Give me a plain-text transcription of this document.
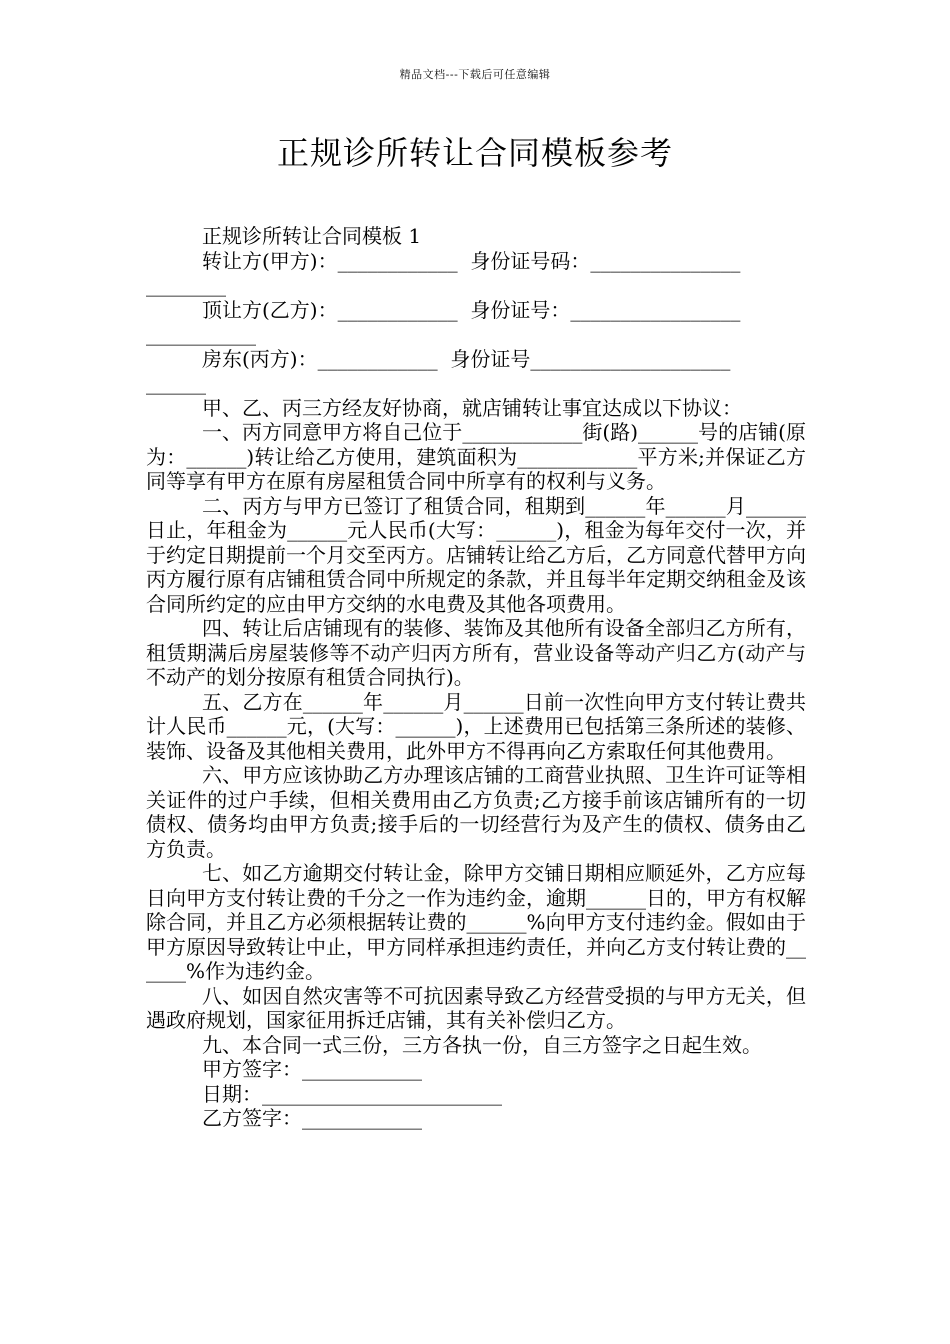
精品文档---下载后可任意编辑
正规诊所转让合同模板参考
正规诊所转让合同模板 1
转让方(甲方)：____________  身份证号码：_______________
________
顶让方(乙方)：____________  身份证号：_________________
___________
房东(丙方)：____________  身份证号____________________
______
甲、乙、丙三方经友好协商，就店铺转让事宜达成以下协议：
一、丙方同意甲方将自己位于____________街(路)______号的店铺(原为：______)转让给乙方使用，建筑面积为____________平方米;并保证乙方同等享有甲方在原有房屋租赁合同中所享有的权利与义务。
二、丙方与甲方已签订了租赁合同，租期到______年______月______日止，年租金为______元人民币(大写：______)，租金为每年交付一次，并于约定日期提前一个月交至丙方。店铺转让给乙方后，乙方同意代替甲方向丙方履行原有店铺租赁合同中所规定的条款，并且每半年定期交纳租金及该合同所约定的应由甲方交纳的水电费及其他各项费用。
四、转让后店铺现有的装修、装饰及其他所有设备全部归乙方所有，租赁期满后房屋装修等不动产归丙方所有，营业设备等动产归乙方(动产与不动产的划分按原有租赁合同执行)。
五、乙方在______年______月______日前一次性向甲方支付转让费共计人民币______元，(大写：______)，上述费用已包括第三条所述的装修、装饰、设备及其他相关费用，此外甲方不得再向乙方索取任何其他费用。
六、甲方应该协助乙方办理该店铺的工商营业执照、卫生许可证等相关证件的过户手续，但相关费用由乙方负责;乙方接手前该店铺所有的一切债权、债务均由甲方负责;接手后的一切经营行为及产生的债权、债务由乙方负责。
七、如乙方逾期交付转让金，除甲方交铺日期相应顺延外，乙方应每日向甲方支付转让费的千分之一作为违约金，逾期______日的，甲方有权解除合同，并且乙方必须根据转让费的______%向甲方支付违约金。假如由于甲方原因导致转让中止，甲方同样承担违约责任，并向乙方支付转让费的______%作为违约金。
八、如因自然灾害等不可抗因素导致乙方经营受损的与甲方无关，但遇政府规划，国家征用拆迁店铺，其有关补偿归乙方。
九、本合同一式三份，三方各执一份，自三方签字之日起生效。
甲方签字：____________
日期：________________________
乙方签字：____________
